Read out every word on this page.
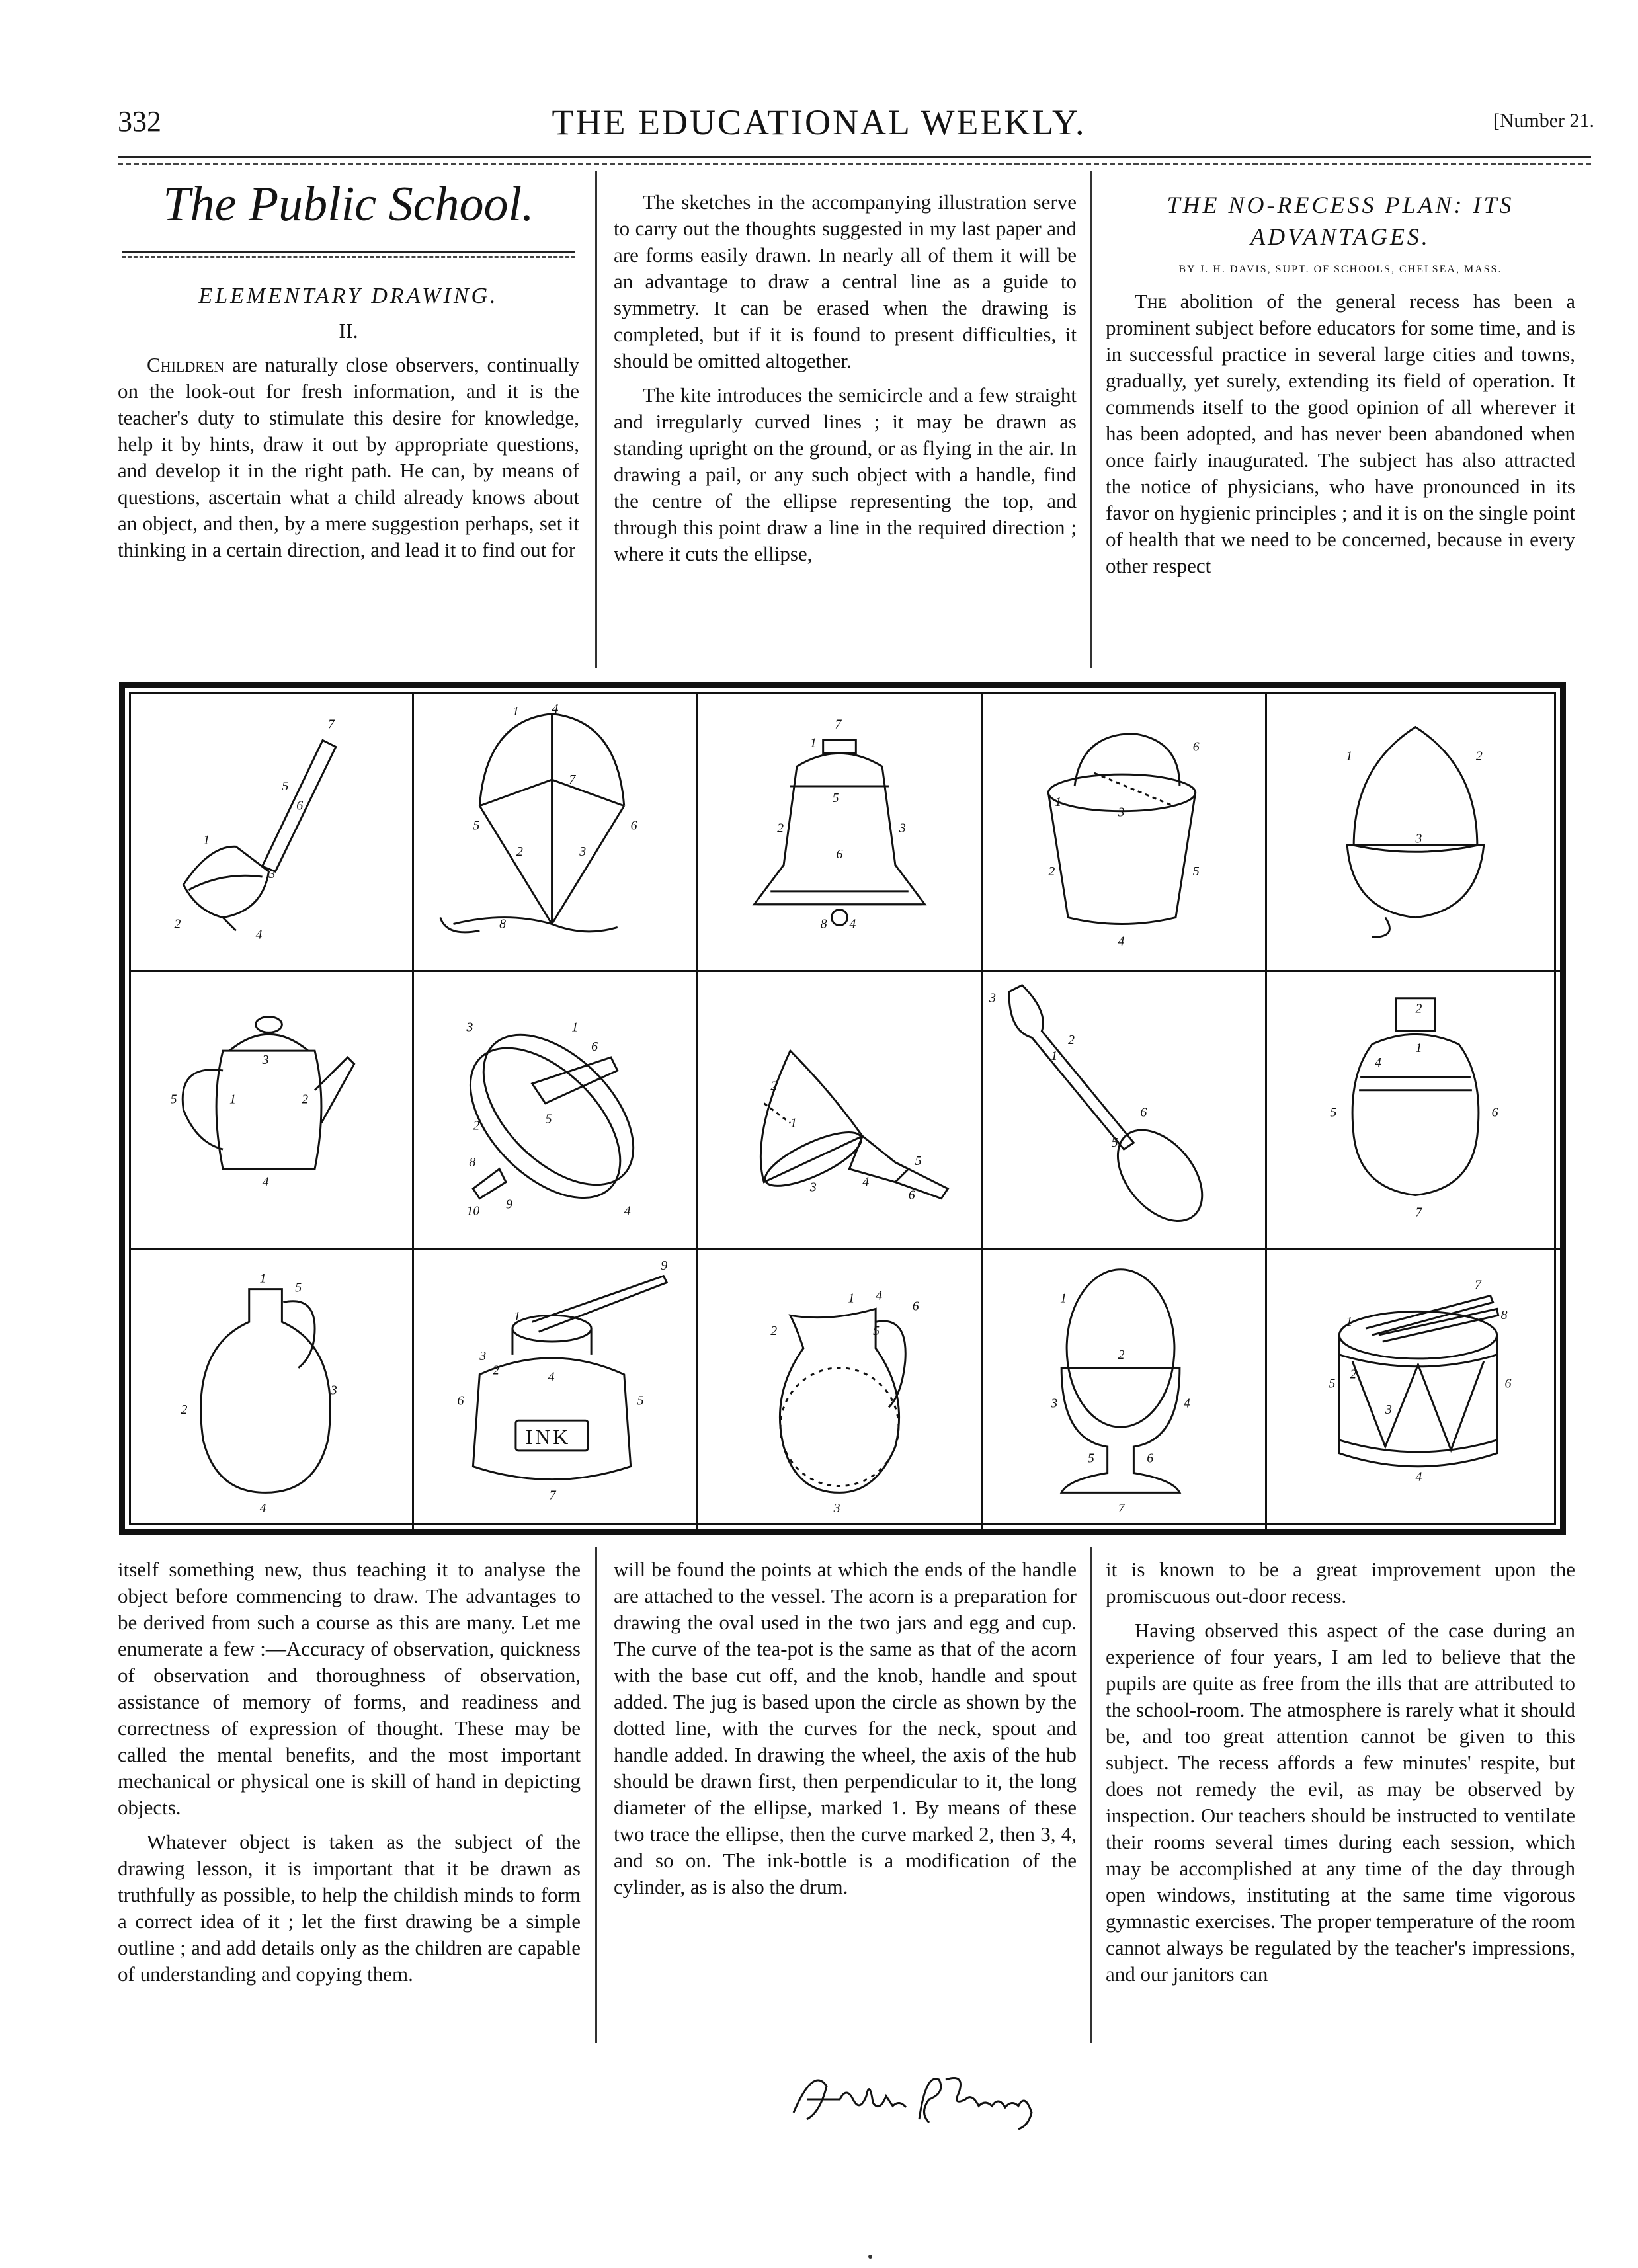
332	THE EDUCATIONAL WEEKLY.	[Number 21.
The Public School.
ELEMENTARY DRAWING.
II.

Children are naturally close observers, continually on the look-out for fresh information, and it is the teacher's duty to stimulate this desire for knowledge, help it by hints, draw it out by appropriate questions, and develop it in the right path. He can, by means of questions, ascertain what a child already knows about an object, and then, by a mere suggestion perhaps, set it thinking in a certain direction, and lead it to find out for

The sketches in the accompanying illustration serve to carry out the thoughts suggested in my last paper and are forms easily drawn. In nearly all of them it will be an advantage to draw a central line as a guide to symmetry. It can be erased when the drawing is completed, but if it is found to present difficulties, it should be omitted altogether.

The kite introduces the semicircle and a few straight and irregularly curved lines ; it may be drawn as standing upright on the ground, or as flying in the air. In drawing a pail, or any such object with a handle, find the centre of the ellipse representing the top, and through this point draw a line in the required direction ; where it cuts the ellipse,

THE NO-RECESS PLAN: ITS
ADVANTAGES.
BY J. H. DAVIS, SUPT. OF SCHOOLS, CHELSEA, MASS.

The abolition of the general recess has been a prominent subject before educators for some time, and is in successful practice in several large cities and towns, gradually, yet surely, extending its field of operation. It commends itself to the good opinion of all wherever it has been adopted, and has never been abandoned when once fairly inaugurated. The subject has also attracted the notice of physicians, who have pronounced in its favor on hygienic principles ; and it is on the single point of health that we need to be concerned, because in every other respect

7
5
6
1
3
2
4
1 4
7
5	6
2	3
8
7
1
5
2	3
6
8 4
6
1
3
2	5
4
1	2
3
3
5	1	2
4
3	1
6
5
2
8
9
10	4
2
1
5
3	4
6
3
2
1
6
5
1
2
4
5	6
7
1
5
2
3
4
INK
9
1
3
2	4
5
6
7
1 4
6
2	5
3
1
2
3	4
5	6
7
7
1	8
2
5	6
3
4

itself something new, thus teaching it to analyse the object before commencing to draw. The advantages to be derived from such a course as this are many. Let me enumerate a few :—Accuracy of observation, quickness of observation and thoroughness of observation, assistance of memory of forms, and readiness and correctness of expression of thought. These may be called the mental benefits, and the most important mechanical or physical one is skill of hand in depicting objects.

Whatever object is taken as the subject of the drawing lesson, it is important that it be drawn as truthfully as possible, to help the childish minds to form a correct idea of it ; let the first drawing be a simple outline ; and add details only as the children are capable of understanding and copying them.

will be found the points at which the ends of the handle are attached to the vessel. The acorn is a preparation for drawing the oval used in the two jars and egg and cup. The curve of the tea-pot is the same as that of the acorn with the base cut off, and the knob, handle and spout added. The jug is based upon the circle as shown by the dotted line, with the curves for the neck, spout and handle added. In drawing the wheel, the axis of the hub should be drawn first, then perpendicular to it, the long diameter of the ellipse, marked 1. By means of these two trace the ellipse, then the curve marked 2, then 3, 4, and so on. The ink-bottle is a modification of the cylinder, as is also the drum.

it is known to be a great improvement upon the promiscuous out-door recess.

Having observed this aspect of the case during an experience of four years, I am led to believe that the pupils are quite as free from the ills that are attributed to the school-room. The atmosphere is rarely what it should be, and too great attention cannot be given to this subject. The recess affords a few minutes' respite, but does not remedy the evil, as may be observed by inspection. Our teachers should be instructed to ventilate their rooms several times during each session, which may be accomplished at any time of the day through open windows, instituting at the same time vigorous gymnastic exercises. The proper temperature of the room cannot always be regulated by the teacher's impressions, and our janitors can
